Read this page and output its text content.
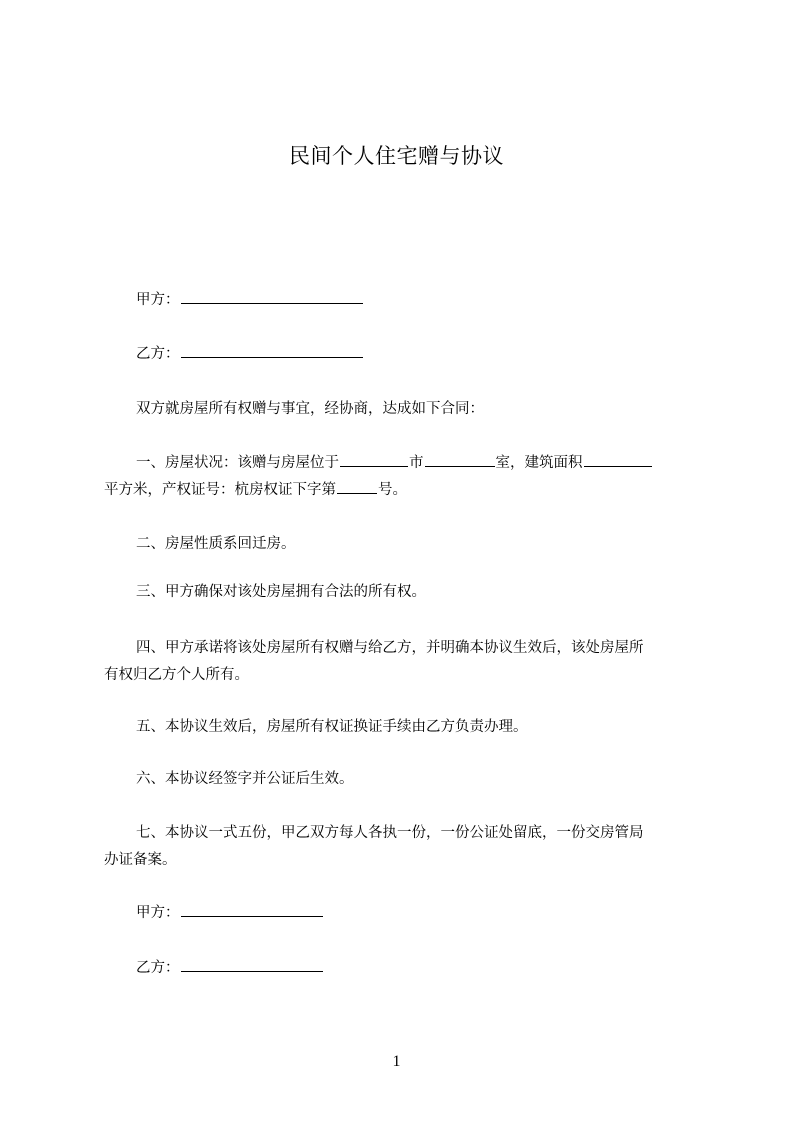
民间个人住宅赠与协议
甲方：
乙方：
双方就房屋所有权赠与事宜，经协商，达成如下合同：
一、房屋状况：该赠与房屋位于	市	室，建筑面积
平方米，产权证号：杭房权证下字第	号。
二、房屋性质系回迁房。
三、甲方确保对该处房屋拥有合法的所有权。
四、甲方承诺将该处房屋所有权赠与给乙方，并明确本协议生效后，该处房屋所
有权归乙方个人所有。
五、本协议生效后，房屋所有权证换证手续由乙方负责办理。
六、本协议经签字并公证后生效。
七、本协议一式五份，甲乙双方每人各执一份，一份公证处留底，一份交房管局
办证备案。
甲方：
乙方：
1
